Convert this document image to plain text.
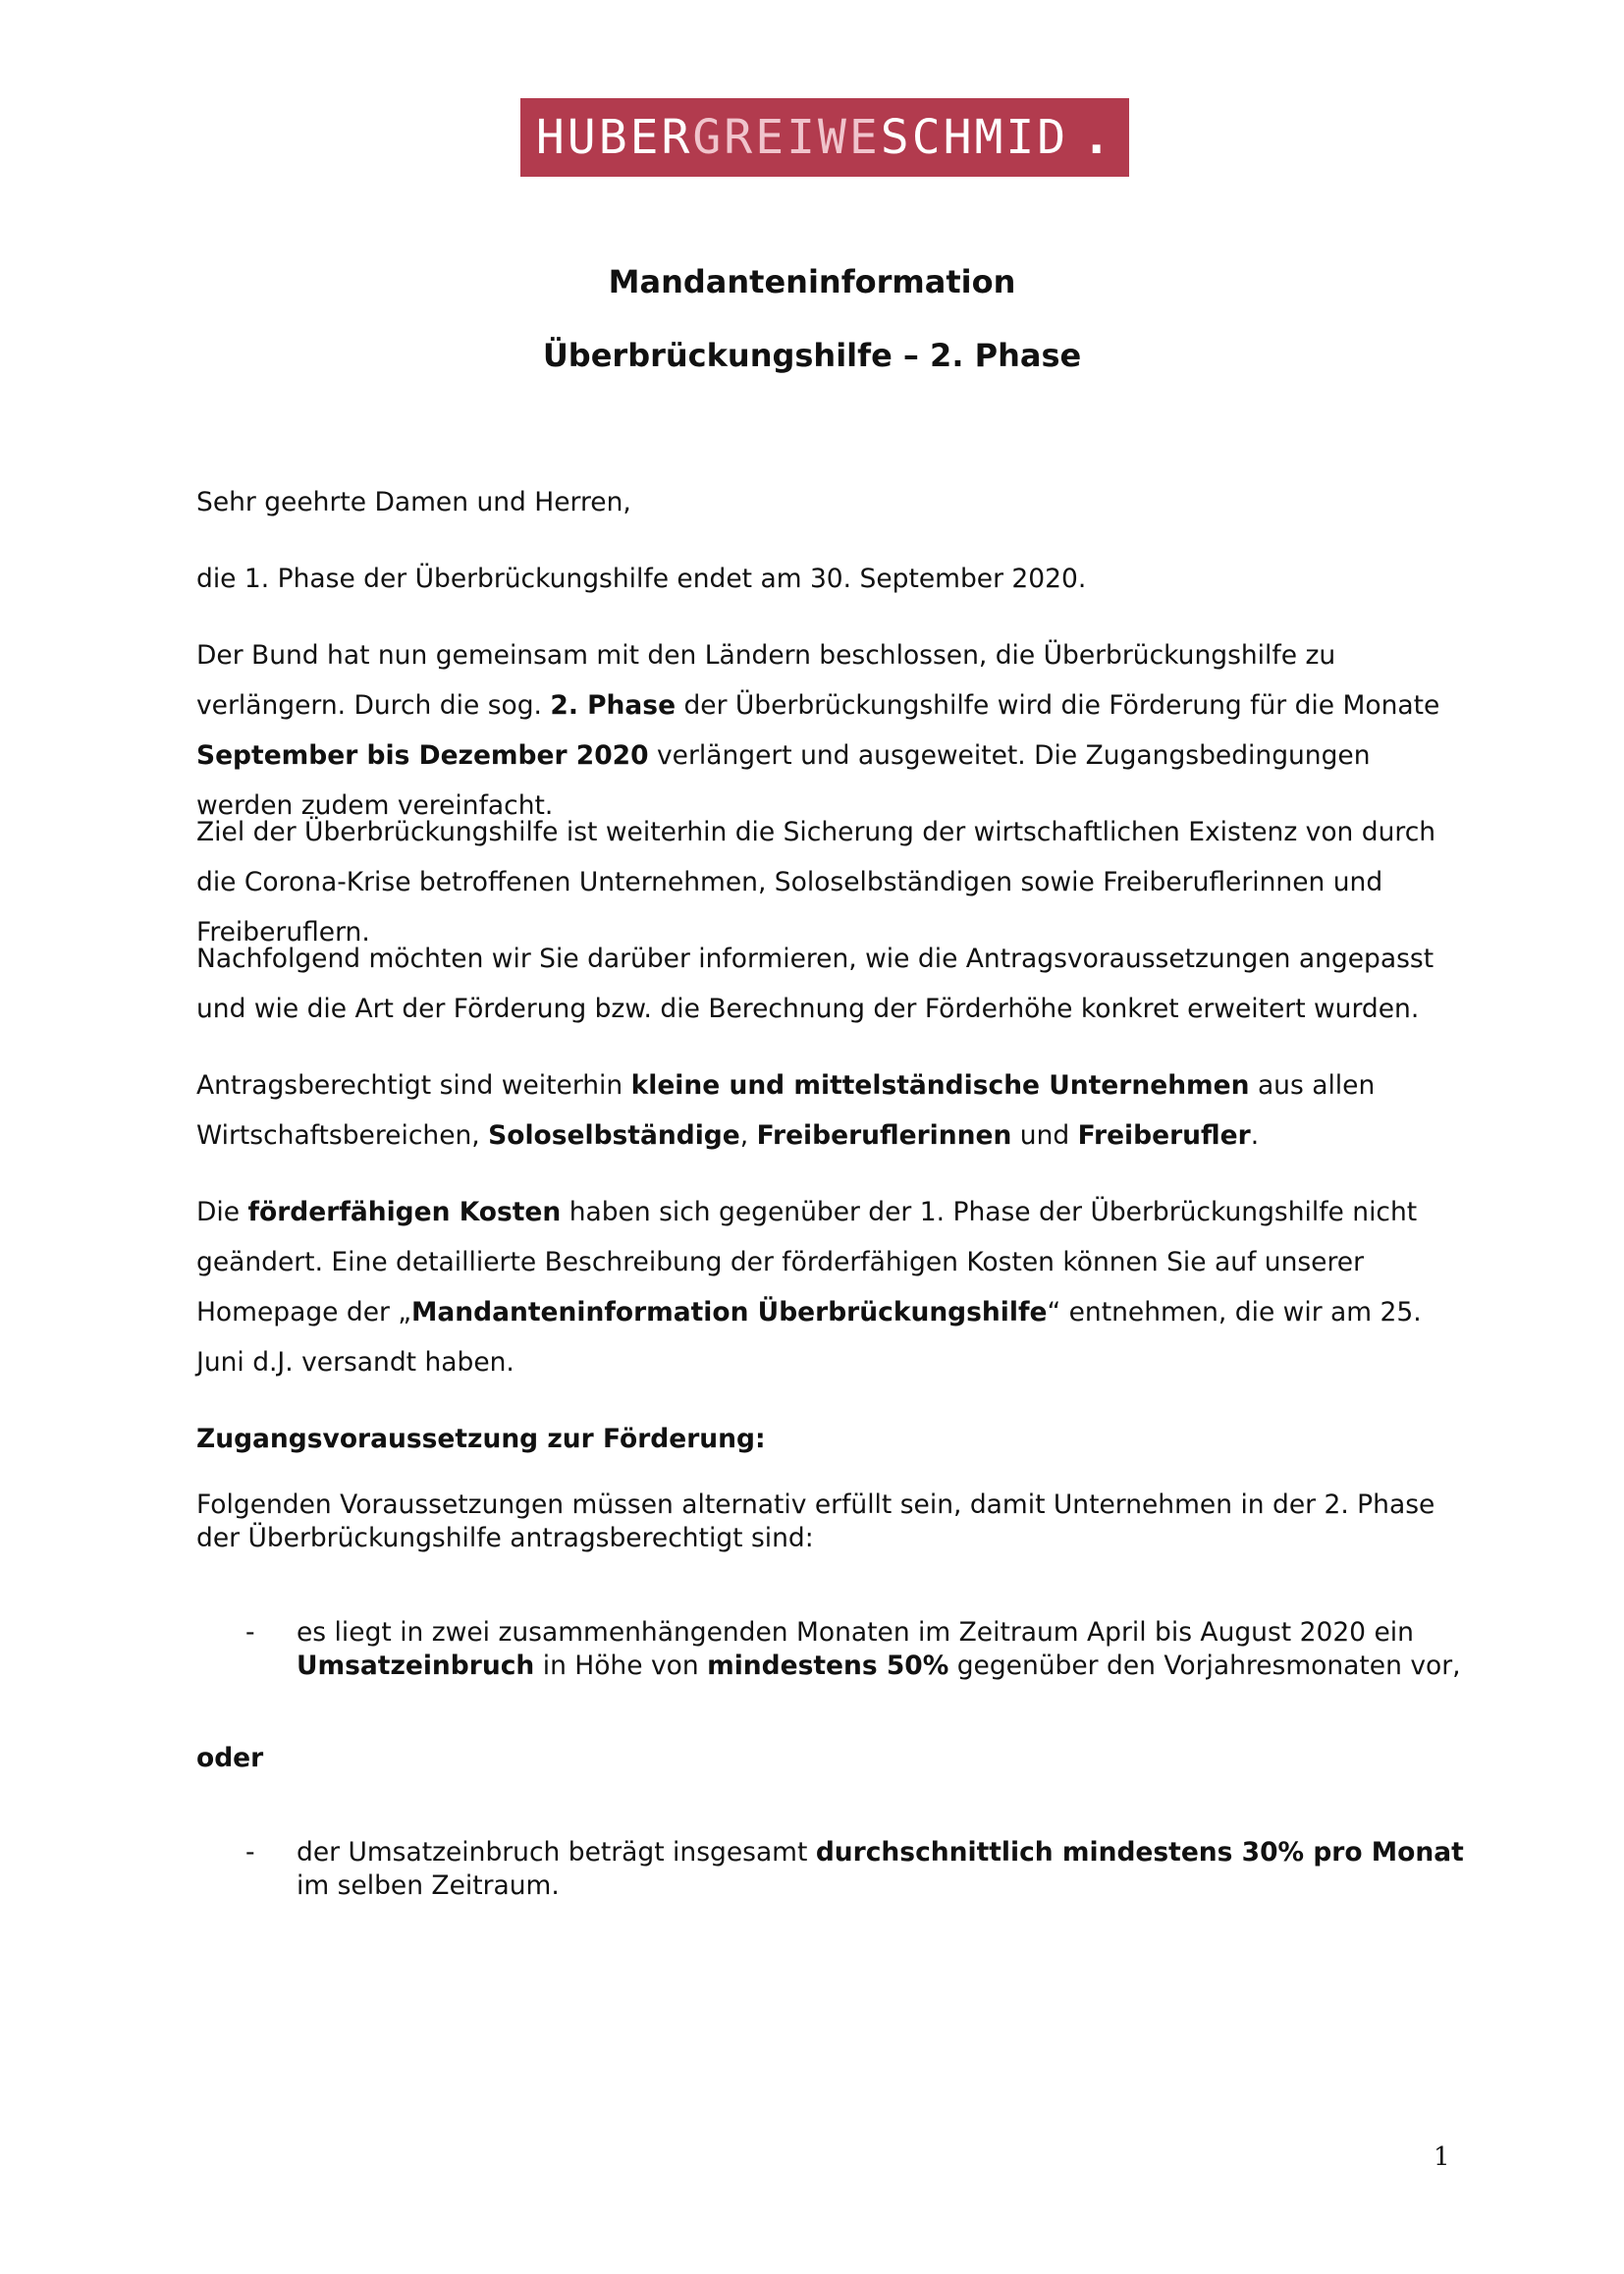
HUBER GREIWE SCHMID .
Mandanteninformation
Überbrückungshilfe – 2. Phase

Sehr geehrte Damen und Herren,

die 1. Phase der Überbrückungshilfe endet am 30. September 2020.

Der Bund hat nun gemeinsam mit den Ländern beschlossen, die Überbrückungshilfe zu verlängern. Durch die sog. 2. Phase der Überbrückungshilfe wird die Förderung für die Monate September bis Dezember 2020 verlängert und ausgeweitet. Die Zugangsbedingungen werden zudem vereinfacht.

Ziel der Überbrückungshilfe ist weiterhin die Sicherung der wirtschaftlichen Existenz von durch die Corona-Krise betroffenen Unternehmen, Soloselbständigen sowie Freiberuflerinnen und Freiberuflern.

Nachfolgend möchten wir Sie darüber informieren, wie die Antragsvoraussetzungen angepasst und wie die Art der Förderung bzw. die Berechnung der Förderhöhe konkret erweitert wurden.

Antragsberechtigt sind weiterhin kleine und mittelständische Unternehmen aus allen Wirtschaftsbereichen, Soloselbständige, Freiberuflerinnen und Freiberufler.

Die förderfähigen Kosten haben sich gegenüber der 1. Phase der Überbrückungshilfe nicht geändert. Eine detaillierte Beschreibung der förderfähigen Kosten können Sie auf unserer Homepage der „Mandanteninformation Überbrückungshilfe“ entnehmen, die wir am 25. Juni d.J. versandt haben.

Zugangsvoraussetzung zur Förderung:

Folgenden Voraussetzungen müssen alternativ erfüllt sein, damit Unternehmen in der 2. Phase der Überbrückungshilfe antragsberechtigt sind:

- es liegt in zwei zusammenhängenden Monaten im Zeitraum April bis August 2020 ein Umsatzeinbruch in Höhe von mindestens 50% gegenüber den Vorjahresmonaten vor,

oder

- der Umsatzeinbruch beträgt insgesamt durchschnittlich mindestens 30% pro Monat im selben Zeitraum.

1
